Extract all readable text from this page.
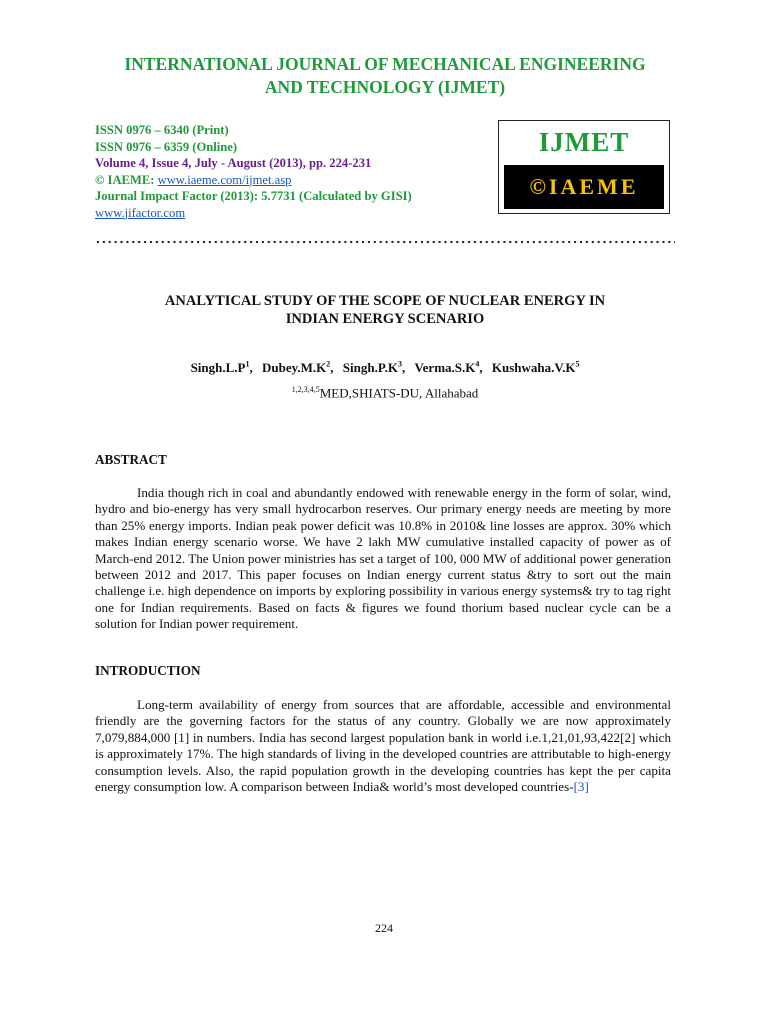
INTERNATIONAL JOURNAL OF MECHANICAL ENGINEERING
AND TECHNOLOGY (IJMET)
ISSN 0976 – 6340 (Print)
ISSN 0976 – 6359 (Online)
Volume 4, Issue 4, July - August (2013), pp. 224-231
© IAEME: www.iaeme.com/ijmet.asp
Journal Impact Factor (2013): 5.7731 (Calculated by GISI)
www.jifactor.com
IJMET
©IAEME
ANALYTICAL STUDY OF THE SCOPE OF NUCLEAR ENERGY IN
INDIAN ENERGY SCENARIO
$Singh.L.P^1$, $Dubey.M.K^2$, $Singh.P.K^3$, $Verma.S.K^4$, $Kushwaha.V.K^5$
$^{1,2,3,4,5}$MED,SHIATS-DU, Allahabad
ABSTRACT

India though rich in coal and abundantly endowed with renewable energy in the form of solar, wind, hydro and bio-energy has very small hydrocarbon reserves. Our primary energy needs are meeting by more than 25% energy imports. Indian peak power deficit was 10.8% in 2010& line losses are approx. 30% which makes Indian energy scenario worse. We have 2 lakh MW cumulative installed capacity of power as of March-end 2012. The Union power ministries has set a target of 100, 000 MW of additional power generation between 2012 and 2017. This paper focuses on Indian energy current status &try to sort out the main challenge i.e. high dependence on imports by exploring possibility in various energy systems& try to tag right one for Indian requirements. Based on facts & figures we found thorium based nuclear cycle can be a solution for Indian power requirement.

INTRODUCTION

Long-term availability of energy from sources that are affordable, accessible and environmental friendly are the governing factors for the status of any country. Globally we are now approximately 7,079,884,000 [1] in numbers. India has second largest population bank in world i.e.1,21,01,93,422[2] which is approximately 17%. The high standards of living in the developed countries are attributable to high-energy consumption levels. Also, the rapid population growth in the developing countries has kept the per capita energy consumption low. A comparison between India& world’s most developed countries-[3]

224
